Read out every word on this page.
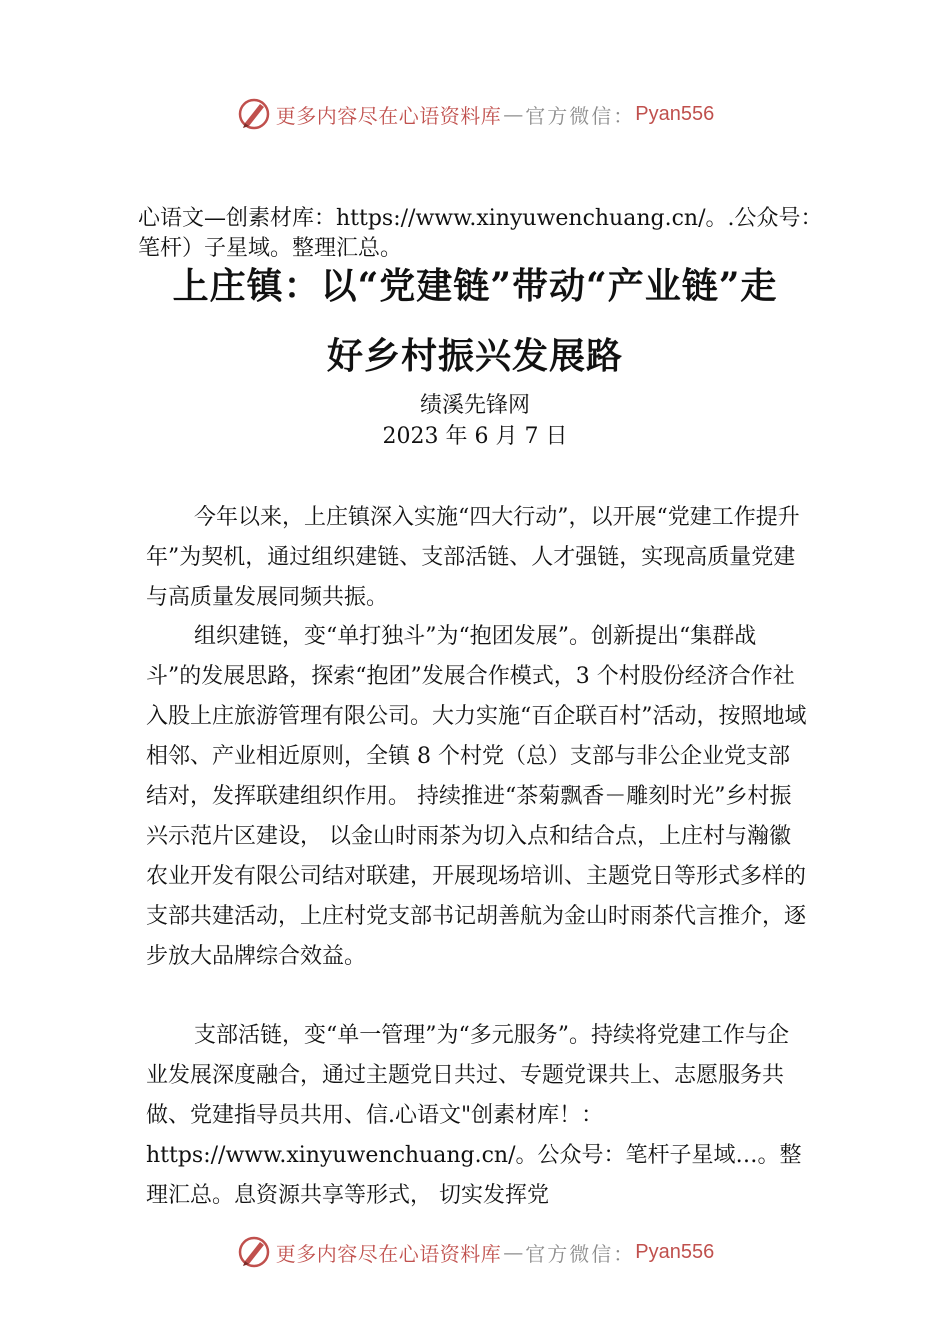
更多内容尽在心语资料库 — 官方微信： Pyan556
心语文—创素材库：https://www.xinyuwenchuang.cn/。.公众号：笔杆）子星域。整理汇总。
上庄镇：以“党建链”带动“产业链”走
好乡村振兴发展路
绩溪先锋网
2023 年 6 月 7 日

今年以来，上庄镇深入实施“四大行动”，以开展“党建工作提升年”为契机，通过组织建链、支部活链、人才强链，实现高质量党建与高质量发展同频共振。

组织建链，变“单打独斗”为“抱团发展”。创新提出“集群战斗”的发展思路，探索“抱团”发展合作模式，3 个村股份经济合作社入股上庄旅游管理有限公司。大力实施“百企联百村”活动，按照地域相邻、产业相近原则，全镇 8 个村党（总）支部与非公企业党支部结对，发挥联建组织作用。 持续推进“茶菊飘香－雕刻时光”乡村振兴示范片区建设， 以金山时雨茶为切入点和结合点，上庄村与瀚徽农业开发有限公司结对联建，开展现场培训、主题党日等形式多样的支部共建活动，上庄村党支部书记胡善航为金山时雨茶代言推介，逐步放大品牌综合效益。

支部活链，变“单一管理”为“多元服务”。持续将党建工作与企业发展深度融合，通过主题党日共过、专题党课共上、志愿服务共做、党建指导员共用、信.心语文"创素材库！：https://www.xinyuwenchuang.cn/。公众号：笔杆子星域…。整理汇总。息资源共享等形式， 切实发挥党

更多内容尽在心语资料库 — 官方微信： Pyan556
